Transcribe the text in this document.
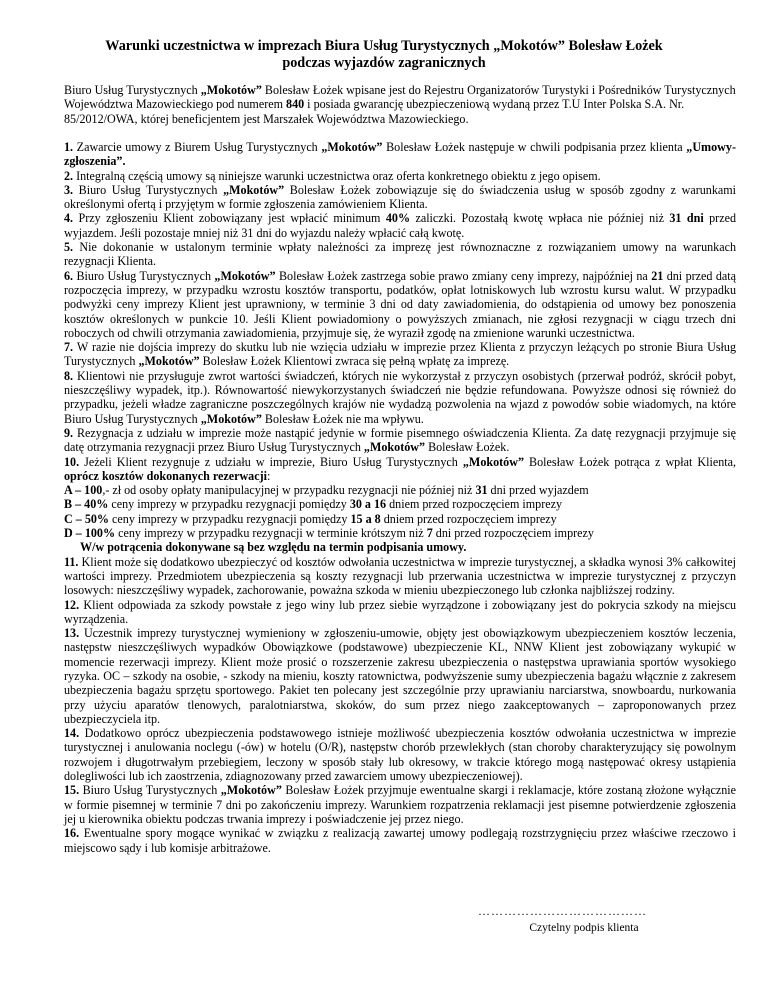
Warunki uczestnictwa w imprezach Biura Usług Turystycznych „Mokotów” Bolesław Łożek
podczas wyjazdów zagranicznych

Biuro Usług Turystycznych „Mokotów” Bolesław Łożek wpisane jest do Rejestru Organizatorów Turystyki i Pośredników Turystycznych Województwa Mazowieckiego pod numerem 840 i posiada gwarancję ubezpieczeniową wydaną przez T.U Inter Polska S.A. Nr. 85/2012/OWA, której beneficjentem jest Marszałek Województwa Mazowieckiego.

1. Zawarcie umowy z Biurem Usług Turystycznych „Mokotów” Bolesław Łożek następuje w chwili podpisania przez klienta „Umowy-zgłoszenia”.

2. Integralną częścią umowy są niniejsze warunki uczestnictwa oraz oferta konkretnego obiektu z jego opisem.

3. Biuro Usług Turystycznych „Mokotów” Bolesław Łożek zobowiązuje się do świadczenia usług w sposób zgodny z warunkami określonymi ofertą i przyjętym w formie zgłoszenia zamówieniem Klienta.

4. Przy zgłoszeniu Klient zobowiązany jest wpłacić minimum 40% zaliczki. Pozostałą kwotę wpłaca nie później niż 31 dni przed wyjazdem. Jeśli pozostaje mniej niż 31 dni do wyjazdu należy wpłacić całą kwotę.

5. Nie dokonanie w ustalonym terminie wpłaty należności za imprezę jest równoznaczne z rozwiązaniem umowy na warunkach rezygnacji Klienta.

6. Biuro Usług Turystycznych „Mokotów” Bolesław Łożek zastrzega sobie prawo zmiany ceny imprezy, najpóźniej na 21 dni przed datą rozpoczęcia imprezy, w przypadku wzrostu kosztów transportu, podatków, opłat lotniskowych lub wzrostu kursu walut. W przypadku podwyżki ceny imprezy Klient jest uprawniony, w terminie 3 dni od daty zawiadomienia, do odstąpienia od umowy bez ponoszenia kosztów określonych w punkcie 10. Jeśli Klient powiadomiony o powyższych zmianach, nie zgłosi rezygnacji w ciągu trzech dni roboczych od chwili otrzymania zawiadomienia, przyjmuje się, że wyraził zgodę na zmienione warunki uczestnictwa.

7. W razie nie dojścia imprezy do skutku lub nie wzięcia udziału w imprezie przez Klienta z przyczyn leżących po stronie Biura Usług Turystycznych „Mokotów” Bolesław Łożek Klientowi zwraca się pełną wpłatę za imprezę.

8. Klientowi nie przysługuje zwrot wartości świadczeń, których nie wykorzystał z przyczyn osobistych (przerwał podróż, skrócił pobyt, nieszczęśliwy wypadek, itp.). Równowartość niewykorzystanych świadczeń nie będzie refundowana. Powyższe odnosi się również do przypadku, jeżeli władze zagraniczne poszczególnych krajów nie wydadzą pozwolenia na wjazd z powodów sobie wiadomych, na które Biuro Usług Turystycznych „Mokotów” Bolesław Łożek nie ma wpływu.

9. Rezygnacja z udziału w imprezie może nastąpić jedynie w formie pisemnego oświadczenia Klienta. Za datę rezygnacji przyjmuje się datę otrzymania rezygnacji przez Biuro Usług Turystycznych „Mokotów” Bolesław Łożek.

10. Jeżeli Klient rezygnuje z udziału w imprezie, Biuro Usług Turystycznych „Mokotów” Bolesław Łożek potrąca z wpłat Klienta, oprócz kosztów dokonanych rezerwacji:

A – 100,- zł od osoby opłaty manipulacyjnej w przypadku rezygnacji nie później niż 31 dni przed wyjazdem

B – 40% ceny imprezy w przypadku rezygnacji pomiędzy 30 a 16 dniem przed rozpoczęciem imprezy

C – 50% ceny imprezy w przypadku rezygnacji pomiędzy 15 a 8 dniem przed rozpoczęciem imprezy

D – 100% ceny imprezy w przypadku rezygnacji w terminie krótszym niż 7 dni przed rozpoczęciem imprezy

W/w potrącenia dokonywane są bez względu na termin podpisania umowy.

11. Klient może się dodatkowo ubezpieczyć od kosztów odwołania uczestnictwa w imprezie turystycznej, a składka wynosi 3% całkowitej wartości imprezy. Przedmiotem ubezpieczenia są koszty rezygnacji lub przerwania uczestnictwa w imprezie turystycznej z przyczyn losowych: nieszczęśliwy wypadek, zachorowanie, poważna szkoda w mieniu ubezpieczonego lub członka najbliższej rodziny.

12. Klient odpowiada za szkody powstałe z jego winy lub przez siebie wyrządzone i zobowiązany jest do pokrycia szkody na miejscu wyrządzenia.

13. Uczestnik imprezy turystycznej wymieniony w zgłoszeniu-umowie, objęty jest obowiązkowym ubezpieczeniem kosztów leczenia, następstw nieszczęśliwych wypadków Obowiązkowe (podstawowe) ubezpieczenie KL, NNW Klient jest zobowiązany wykupić w momencie rezerwacji imprezy. Klient może prosić o rozszerzenie zakresu ubezpieczenia o następstwa uprawiania sportów wysokiego ryzyka. OC – szkody na osobie, - szkody na mieniu, koszty ratownictwa, podwyższenie sumy ubezpieczenia bagażu włącznie z zakresem ubezpieczenia bagażu sprzętu sportowego. Pakiet ten polecany jest szczególnie przy uprawianiu narciarstwa, snowboardu, nurkowania przy użyciu aparatów tlenowych, paralotniarstwa, skoków, do sum przez niego zaakceptowanych – zaproponowanych przez ubezpieczyciela itp.

14. Dodatkowo oprócz ubezpieczenia podstawowego istnieje możliwość ubezpieczenia kosztów odwołania uczestnictwa w imprezie turystycznej i anulowania noclegu (-ów) w hotelu (O/R), następstw chorób przewlekłych (stan choroby charakteryzujący się powolnym rozwojem i długotrwałym przebiegiem, leczony w sposób stały lub okresowy, w trakcie którego mogą następować okresy ustąpienia dolegliwości lub ich zaostrzenia, zdiagnozowany przed zawarciem umowy ubezpieczeniowej).

15. Biuro Usług Turystycznych „Mokotów” Bolesław Łożek przyjmuje ewentualne skargi i reklamacje, które zostaną złożone wyłącznie w formie pisemnej w terminie 7 dni po zakończeniu imprezy. Warunkiem rozpatrzenia reklamacji jest pisemne potwierdzenie zgłoszenia jej u kierownika obiektu podczas trwania imprezy i poświadczenie jej przez niego.

16. Ewentualne spory mogące wynikać w związku z realizacją zawartej umowy podlegają rozstrzygnięciu przez właściwe rzeczowo i miejscowo sądy i lub komisje arbitrażowe.

…………………………………
Czytelny podpis klienta
